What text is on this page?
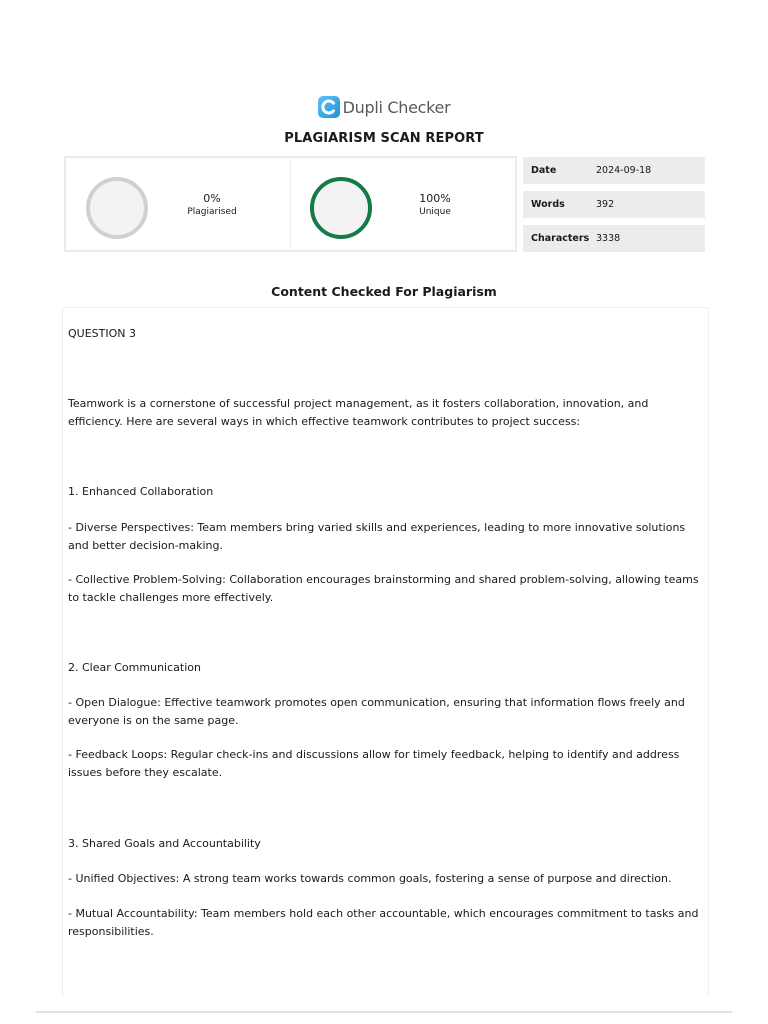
Dupli Checker
PLAGIARISM SCAN REPORT
0%
Plagiarised
100%
Unique
Date	2024-09-18
Words	392
Characters 3338
Content Checked For Plagiarism

QUESTION 3

Teamwork is a cornerstone of successful project management, as it fosters collaboration, innovation, and efficiency. Here are several ways in which effective teamwork contributes to project success:

1. Enhanced Collaboration

- Diverse Perspectives: Team members bring varied skills and experiences, leading to more innovative solutions and better decision-making.

- Collective Problem-Solving: Collaboration encourages brainstorming and shared problem-solving, allowing teams to tackle challenges more effectively.

2. Clear Communication

- Open Dialogue: Effective teamwork promotes open communication, ensuring that information flows freely and everyone is on the same page.

- Feedback Loops: Regular check-ins and discussions allow for timely feedback, helping to identify and address issues before they escalate.

3. Shared Goals and Accountability

- Unified Objectives: A strong team works towards common goals, fostering a sense of purpose and direction.

- Mutual Accountability: Team members hold each other accountable, which encourages commitment to tasks and responsibilities.
